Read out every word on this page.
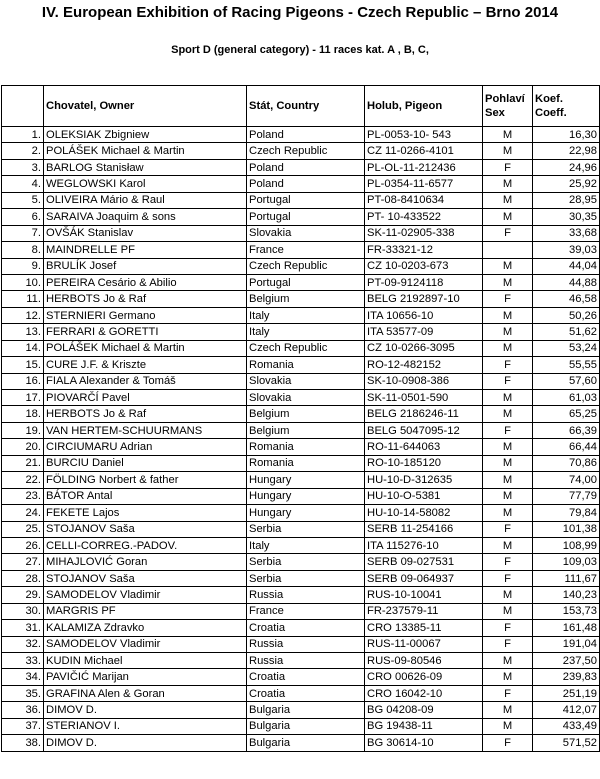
IV. European Exhibition of Racing Pigeons - Czech Republic – Brno 2014
Sport D (general category) - 11 races kat. A , B, C,
	Chovatel, Owner	Stát, Country	Holub, Pigeon	Pohlaví Sex	Koef. Coeff.
1.	OLEKSIAK Zbigniew	Poland	PL-0053-10- 543	M	16,30
2.	POLÁŠEK Michael & Martin	Czech Republic	CZ 11-0266-4101	M	22,98
3.	BARLOG Stanisław	Poland	PL-OL-11-212436	F	24,96
4.	WEGLOWSKI Karol	Poland	PL-0354-11-6577	M	25,92
5.	OLIVEIRA Mário & Raul	Portugal	PT-08-8410634	M	28,95
6.	SARAIVA Joaquim & sons	Portugal	PT- 10-433522	M	30,35
7.	OVŠÁK Stanislav	Slovakia	SK-11-02905-338	F	33,68
8.	MAINDRELLE PF	France	FR-33321-12		39,03
9.	BRULÍK Josef	Czech Republic	CZ 10-0203-673	M	44,04
10.	PEREIRA Cesário & Abilio	Portugal	PT-09-9124118	M	44,88
11.	HERBOTS Jo & Raf	Belgium	BELG 2192897-10	F	46,58
12.	STERNIERI Germano	Italy	ITA 10656-10	M	50,26
13.	FERRARI & GORETTI	Italy	ITA 53577-09	M	51,62
14.	POLÁŠEK Michael & Martin	Czech Republic	CZ 10-0266-3095	M	53,24
15.	CURE J.F. & Kriszte	Romania	RO-12-482152	F	55,55
16.	FIALA Alexander & Tomáš	Slovakia	SK-10-0908-386	F	57,60
17.	PIOVARČÍ Pavel	Slovakia	SK-11-0501-590	M	61,03
18.	HERBOTS Jo & Raf	Belgium	BELG 2186246-11	M	65,25
19.	VAN HERTEM-SCHUURMANS	Belgium	BELG 5047095-12	F	66,39
20.	CIRCIUMARU Adrian	Romania	RO-11-644063	M	66,44
21.	BURCIU Daniel	Romania	RO-10-185120	M	70,86
22.	FÖLDING Norbert & father	Hungary	HU-10-D-312635	M	74,00
23.	BÁTOR Antal	Hungary	HU-10-O-5381	M	77,79
24.	FEKETE Lajos	Hungary	HU-10-14-58082	M	79,84
25.	STOJANOV Saša	Serbia	SERB 11-254166	F	101,38
26.	CELLI-CORREG.-PADOV.	Italy	ITA 115276-10	M	108,99
27.	MIHAJLOVIĆ Goran	Serbia	SERB 09-027531	F	109,03
28.	STOJANOV Saša	Serbia	SERB 09-064937	F	111,67
29.	SAMODELOV Vladimir	Russia	RUS-10-10041	M	140,23
30.	MARGRIS PF	France	FR-237579-11	M	153,73
31.	KALAMIZA Zdravko	Croatia	CRO 13385-11	F	161,48
32.	SAMODELOV Vladimir	Russia	RUS-11-00067	F	191,04
33.	KUDIN Michael	Russia	RUS-09-80546	M	237,50
34.	PAVIČIĆ Marijan	Croatia	CRO 00626-09	M	239,83
35.	GRAFINA Alen & Goran	Croatia	CRO 16042-10	F	251,19
36.	DIMOV D.	Bulgaria	BG 04208-09	M	412,07
37.	STERIANOV I.	Bulgaria	BG 19438-11	M	433,49
38.	DIMOV D.	Bulgaria	BG 30614-10	F	571,52
